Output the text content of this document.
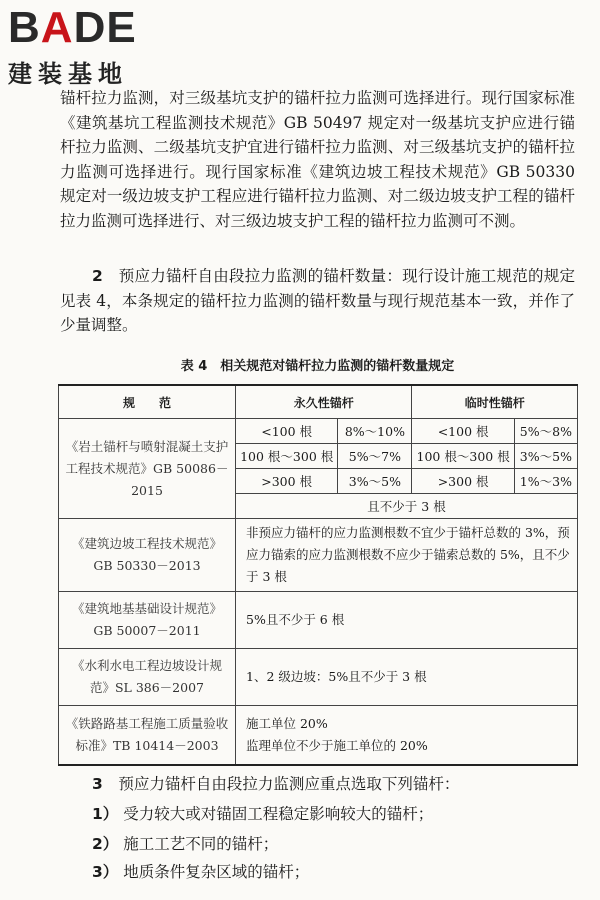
BADE
建装基地

锚杆拉力监测，对三级基坑支护的锚杆拉力监测可选择进行。现行国家标准《建筑基坑工程监测技术规范》GB 50497 规定对一级基坑支护应进行锚杆拉力监测、二级基坑支护宜进行锚杆拉力监测、对三级基坑支护的锚杆拉力监测可选择进行。现行国家标准《建筑边坡工程技术规范》GB 50330 规定对一级边坡支护工程应进行锚杆拉力监测、对二级边坡支护工程的锚杆拉力监测可选择进行、对三级边坡支护工程的锚杆拉力监测可不测。

2　 预应力锚杆自由段拉力监测的锚杆数量：现行设计施工规范的规定见表 4，本条规定的锚杆拉力监测的锚杆数量与现行规范基本一致，并作了少量调整。

表 4　相关规范对锚杆拉力监测的锚杆数量规定
规　　范	永久性锚杆		临时性锚杆	
《岩土锚杆与喷射混凝土支护工程技术规范》GB 50086－2015	<100 根	8%～10%	<100 根	5%～8%
	100 根～300 根	5%～7%	100 根～300 根	3%～5%
	>300 根	3%～5%	>300 根	1%～3%
	且不少于 3 根			
《建筑边坡工程技术规范》GB 50330－2013	非预应力锚杆的应力监测根数不宜少于锚杆总数的 3%，预应力锚索的应力监测根数不应少于锚索总数的 5%，且不少于 3 根			
《建筑地基基础设计规范》GB 50007－2011	5%且不少于 6 根			
《水利水电工程边坡设计规范》SL 386－2007	1、2 级边坡：5%且不少于 3 根			
《铁路路基工程施工质量验收标准》TB 10414－2003	施工单位 20%
监理单位不少于施工单位的 20%			

3　 预应力锚杆自由段拉力监测应重点选取下列锚杆：

1） 受力较大或对锚固工程稳定影响较大的锚杆；

2） 施工工艺不同的锚杆；

3） 地质条件复杂区域的锚杆；
